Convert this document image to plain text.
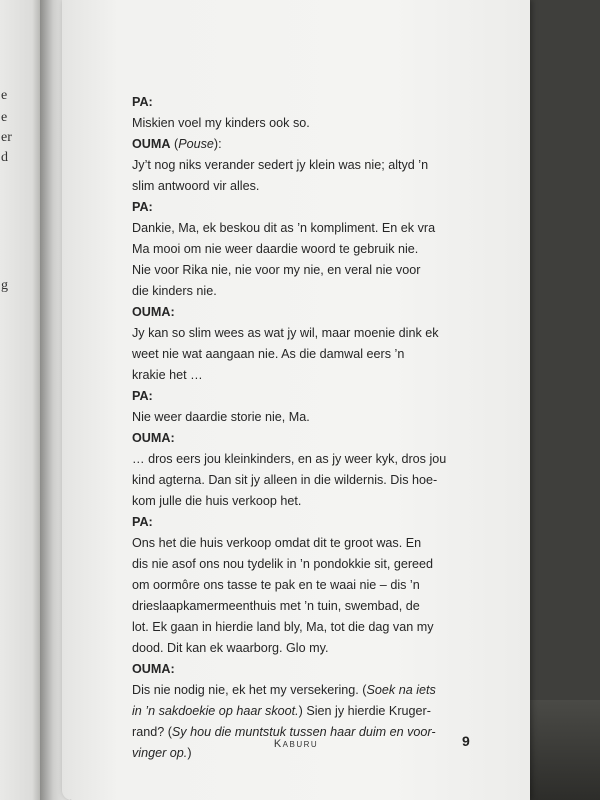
e
e
er
d
g
PA:
Miskien voel my kinders ook so.
OUMA (Pouse):
Jy’t nog niks verander sedert jy klein was nie; altyd ’n
slim antwoord vir alles.
PA:
Dankie, Ma, ek beskou dit as ’n kompliment. En ek vra
Ma mooi om nie weer daardie woord te gebruik nie.
Nie voor Rika nie, nie voor my nie, en veral nie voor
die kinders nie.
OUMA:
Jy kan so slim wees as wat jy wil, maar moenie dink ek
weet nie wat aangaan nie. As die damwal eers ’n
krakie het …
PA:
Nie weer daardie storie nie, Ma.
OUMA:
… dros eers jou kleinkinders, en as jy weer kyk, dros jou
kind agterna. Dan sit jy alleen in die wildernis. Dis hoe-
kom julle die huis verkoop het.
PA:
Ons het die huis verkoop omdat dit te groot was. En
dis nie asof ons nou tydelik in ’n pondokkie sit, gereed
om oormôre ons tasse te pak en te waai nie – dis ’n
drieslaapkamermeenthuis met ’n tuin, swembad, de
lot. Ek gaan in hierdie land bly, Ma, tot die dag van my
dood. Dit kan ek waarborg. Glo my.
OUMA:
Dis nie nodig nie, ek het my versekering. (Soek na iets
in ’n sakdoekie op haar skoot.) Sien jy hierdie Kruger-
rand? (Sy hou die muntstuk tussen haar duim en voor-
vinger op.)
Kaburu	9
